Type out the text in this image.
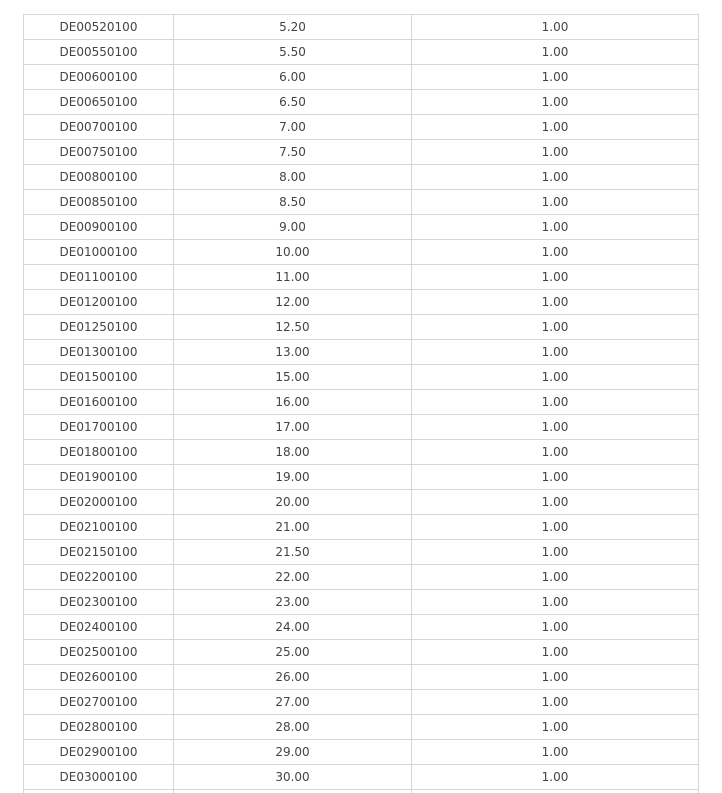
DE00520100	5.20	1.00
DE00550100	5.50	1.00
DE00600100	6.00	1.00
DE00650100	6.50	1.00
DE00700100	7.00	1.00
DE00750100	7.50	1.00
DE00800100	8.00	1.00
DE00850100	8.50	1.00
DE00900100	9.00	1.00
DE01000100	10.00	1.00
DE01100100	11.00	1.00
DE01200100	12.00	1.00
DE01250100	12.50	1.00
DE01300100	13.00	1.00
DE01500100	15.00	1.00
DE01600100	16.00	1.00
DE01700100	17.00	1.00
DE01800100	18.00	1.00
DE01900100	19.00	1.00
DE02000100	20.00	1.00
DE02100100	21.00	1.00
DE02150100	21.50	1.00
DE02200100	22.00	1.00
DE02300100	23.00	1.00
DE02400100	24.00	1.00
DE02500100	25.00	1.00
DE02600100	26.00	1.00
DE02700100	27.00	1.00
DE02800100	28.00	1.00
DE02900100	29.00	1.00
DE03000100	30.00	1.00
